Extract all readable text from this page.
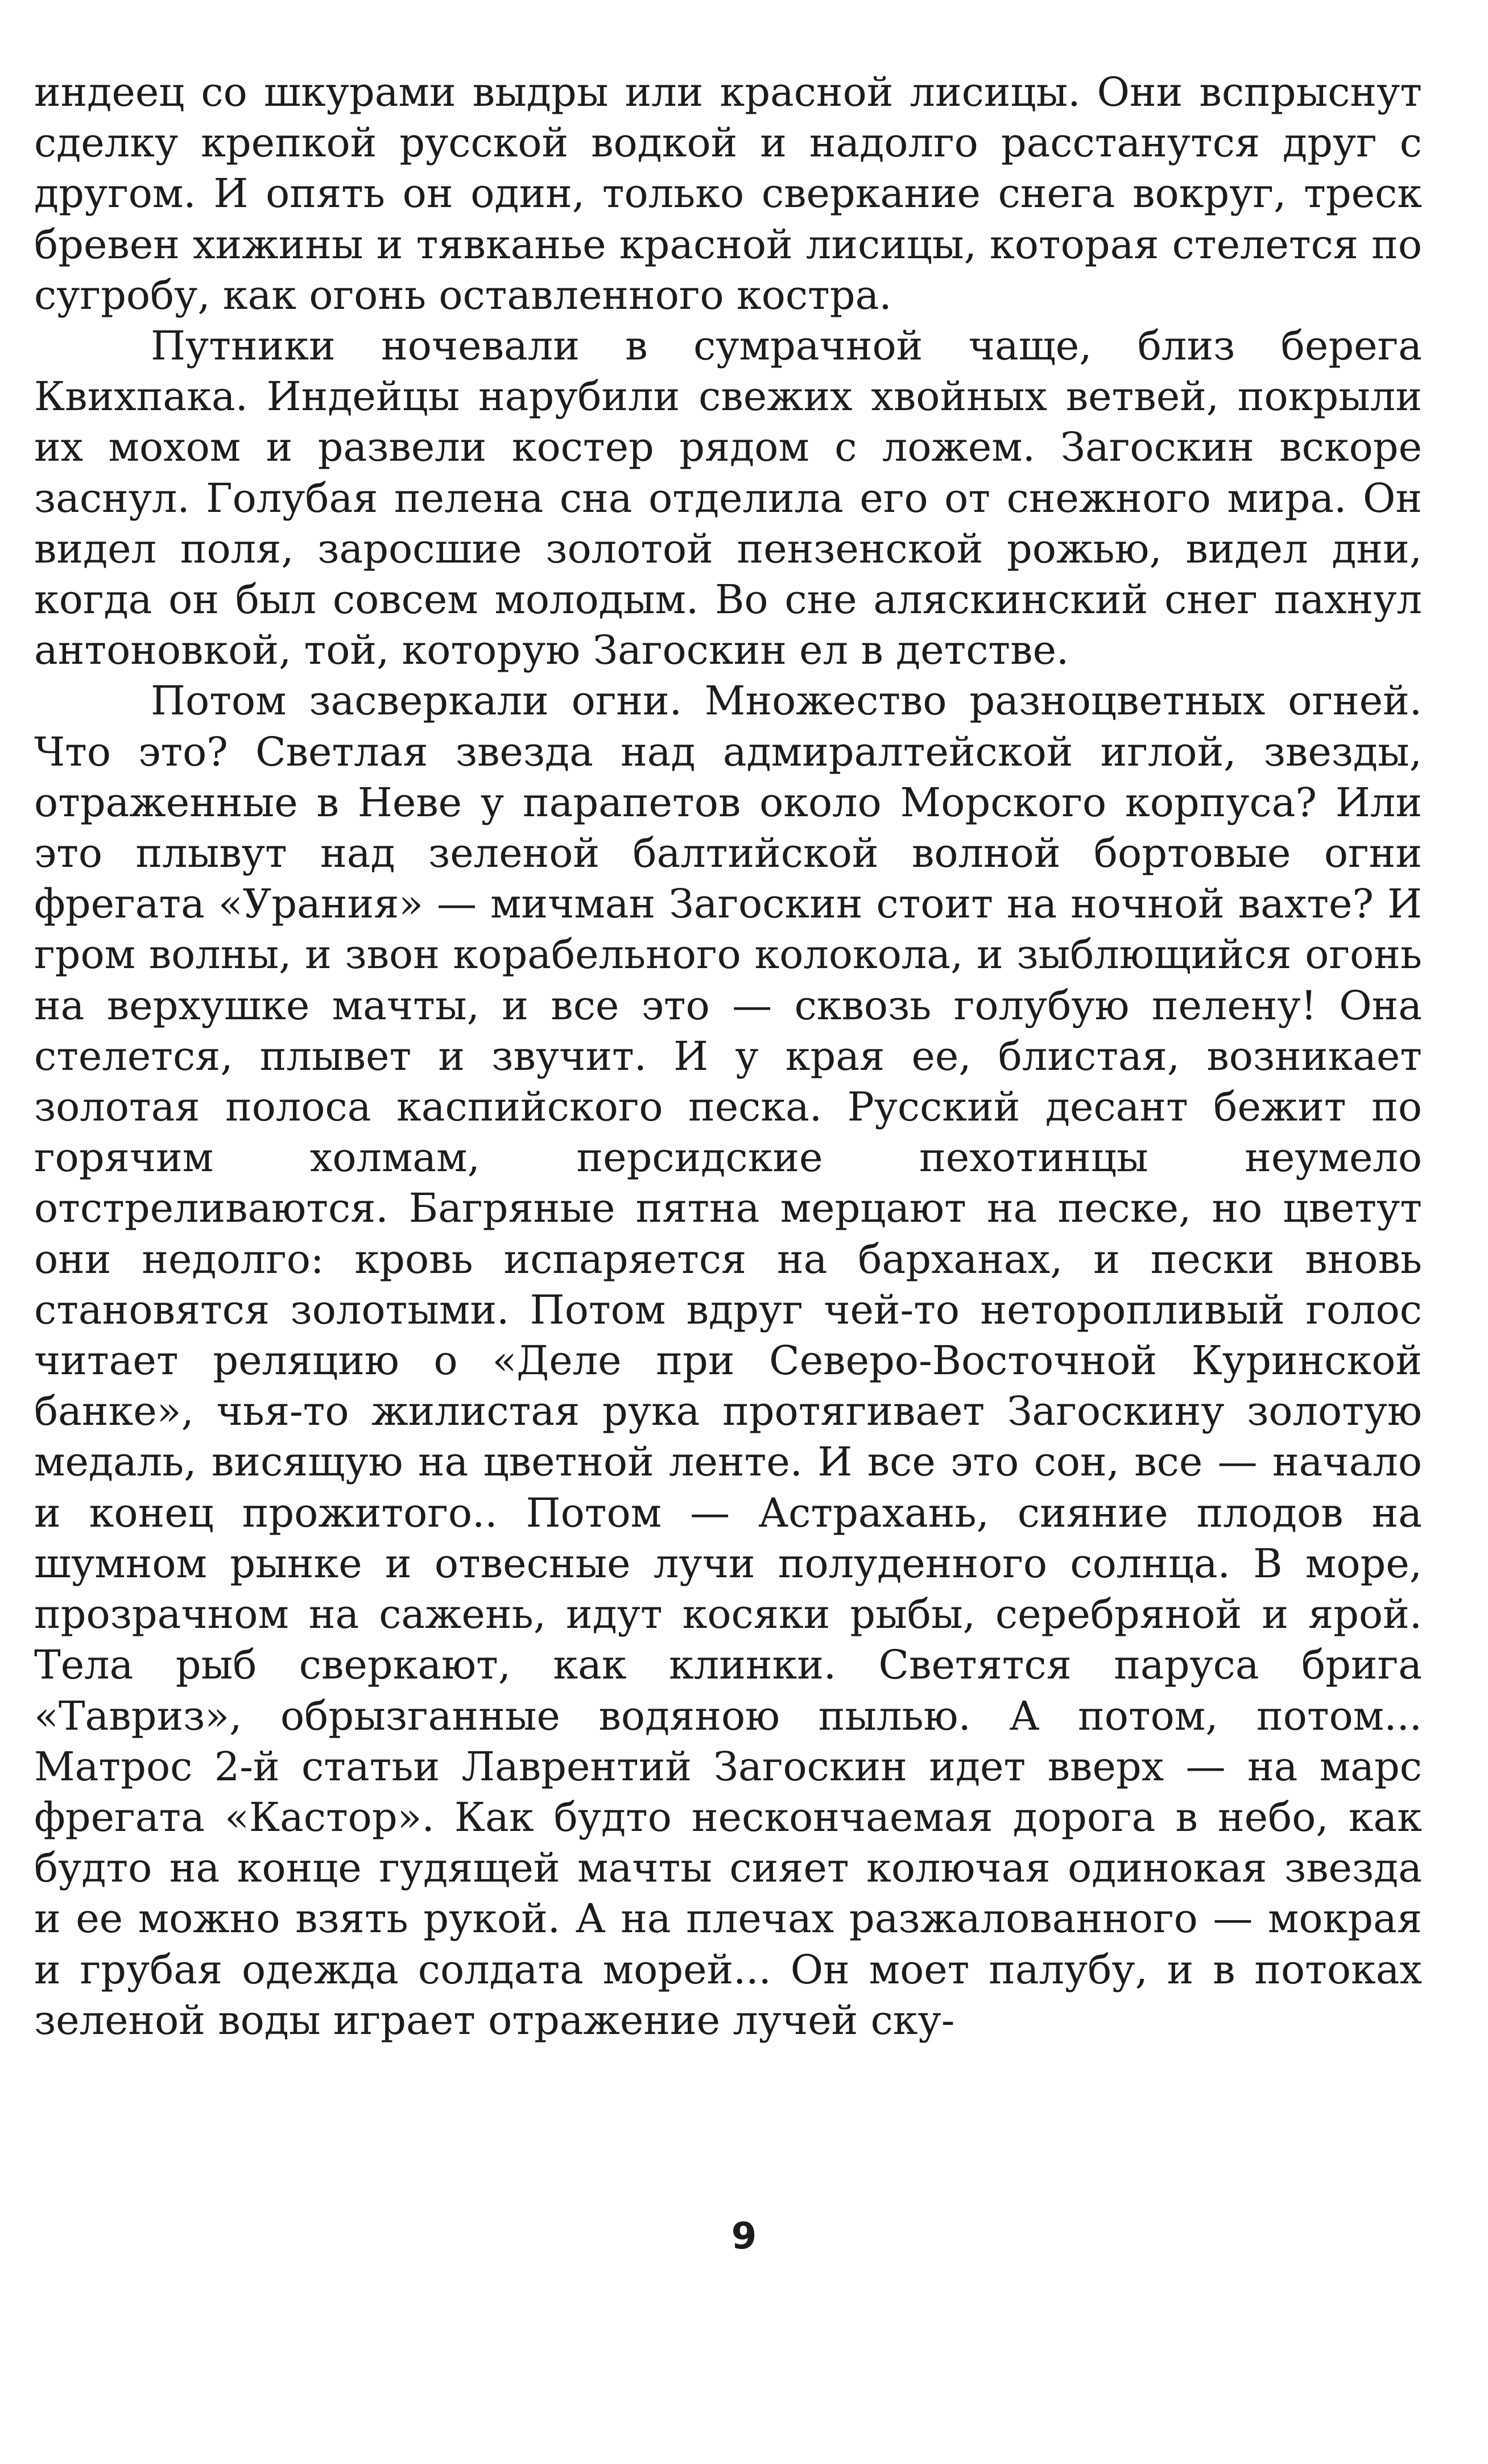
индеец со шкурами выдры или красной лисицы. Они вспрыснут сделку крепкой русской водкой и надолго расстанутся друг с другом. И опять он один, только сверкание снега вокруг, треск бревен хижины и тявканье красной лисицы, которая стелется по сугробу, как огонь оставленного костра.

Путники ночевали в сумрачной чаще, близ берега Квихпака. Индейцы нарубили свежих хвойных ветвей, покрыли их мохом и развели костер рядом с ложем. Загоскин вскоре заснул. Голубая пелена сна отделила его от снежного мира. Он видел поля, заросшие золотой пензенской рожью, видел дни, когда он был совсем молодым. Во сне аляскинский снег пахнул антоновкой, той, которую Загоскин ел в детстве.

Потом засверкали огни. Множество разноцветных огней. Что это? Светлая звезда над адмиралтейской иглой, звезды, отраженные в Неве у парапетов около Морского корпуса? Или это плывут над зеленой балтийской волной бортовые огни фрегата «Урания» — мичман Загоскин стоит на ночной вахте? И гром волны, и звон корабельного колокола, и зыблющийся огонь на верхушке мачты, и все это — сквозь голубую пелену! Она стелется, плывет и звучит. И у края ее, блистая, возникает золотая полоса каспийского песка. Русский десант бежит по горячим холмам, персидские пехотинцы неумело отстреливаются. Багряные пятна мерцают на песке, но цветут они недолго: кровь испаряется на барханах, и пески вновь становятся золотыми. Потом вдруг чей-то неторопливый голос читает реляцию о «Деле при Северо-Восточной Куринской банке», чья-то жилистая рука протягивает Загоскину золотую медаль, висящую на цветной ленте. И все это сон, все — начало и конец прожитого.. Потом — Астрахань, сияние плодов на шумном рынке и отвесные лучи полуденного солнца. В море, прозрачном на сажень, идут косяки рыбы, серебряной и ярой. Тела рыб сверкают, как клинки. Светятся паруса брига «Тавриз», обрызганные водяною пылью. А потом, потом... Матрос 2-й статьи Лаврентий Загоскин идет вверх — на марс фрегата «Кастор». Как будто нескончаемая дорога в небо, как будто на конце гудящей мачты сияет колючая одинокая звезда и ее можно взять рукой. А на плечах разжалованного — мокрая и грубая одежда солдата морей... Он моет палубу, и в потоках зеленой воды играет отражение лучей ску-

9
